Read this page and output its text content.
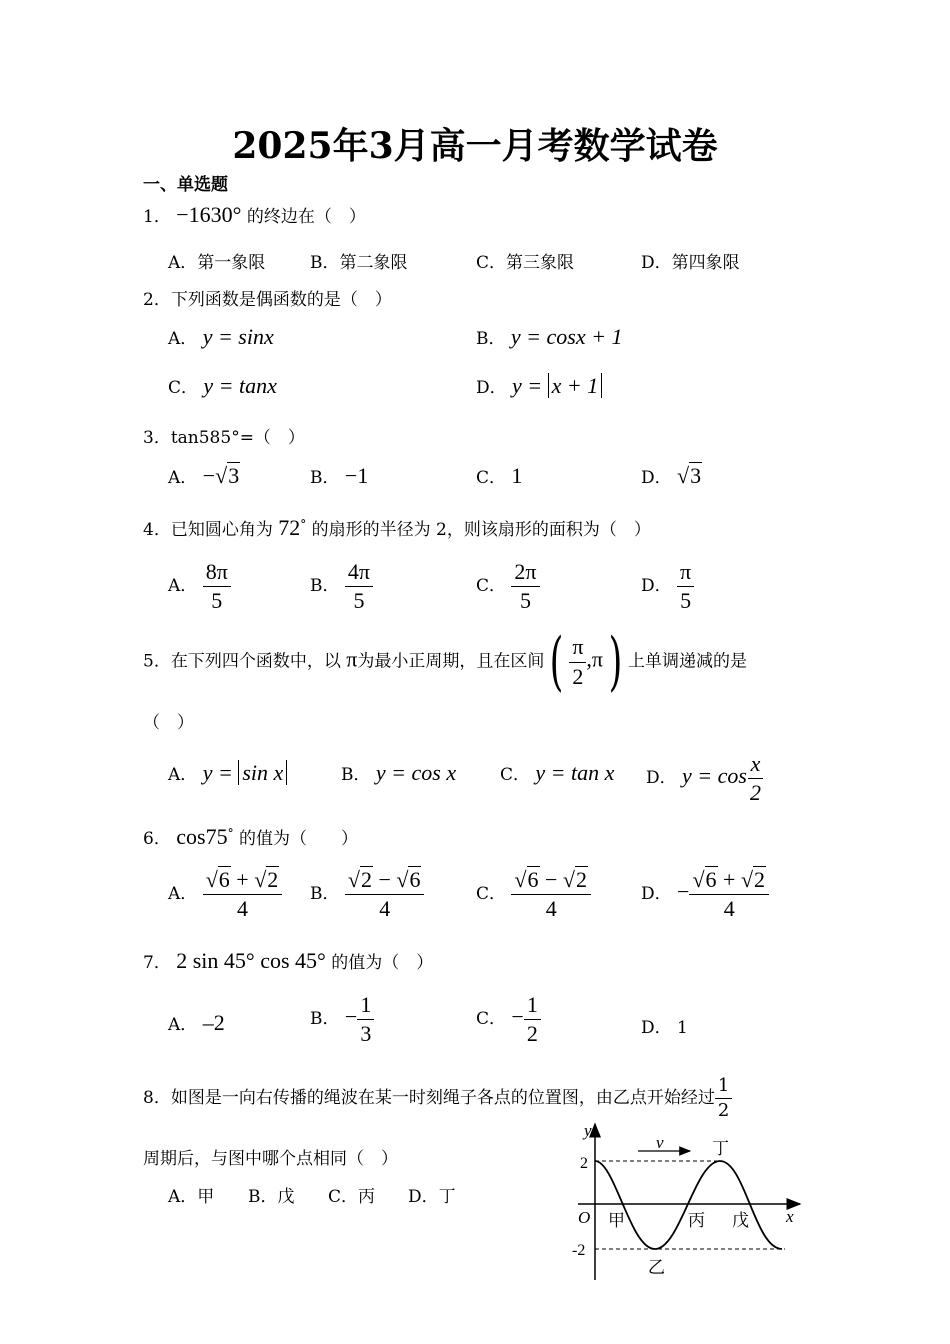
2025年3月高一月考数学试卷
一、单选题
1． −1630° 的终边在（　）
A．第一象限	B．第二象限	C．第三象限	D．第四象限
2．下列函数是偶函数的是（　）
A． y = sinx	B． y = cosx + 1
C． y = tanx	D． y = x + 1
3．tan585°=（　）
A． −√3	B． −1	C． 1	D． √3
4．已知圆心角为 72° 的扇形的半径为 2，则该扇形的面积为（　）
A． $\frac{8\pi}{5}$	B． $\frac{4\pi}{5}$	C． $\frac{2\pi}{5}$	D． $\frac{\pi}{5}$
5．在下列四个函数中，以 π为最小正周期，且在区间( $\frac{\pi}{2} ,\pi$) 上单调递减的是
（　）
A． y = sin x	B． y = cos x	C． y = tan x D． $y = \cos \frac{x}{2}$
6． cos75° 的值为（　　）
A． $\frac{√6 + √2}{4}$ B． $\frac{√2 - √6}{4}$	C． $\frac{√6 - √2}{4}$	D． − $\frac{√6 + √2}{4}$
7． 2 sin 45° cos 45° 的值为（　）
A． –2	B． − $\frac{1}{3}$	C． − $\frac{1}{2}$	D． 1
8．如图是一向右传播的绳波在某一时刻绳子各点的位置图，由乙点开始经过 $\frac{1}{2}$
周期后，与图中哪个点相同（　）
A．甲 B．戊 C．丙 D．丁
y
x
O
v
2
-2
甲
乙
丙
丁
戊
